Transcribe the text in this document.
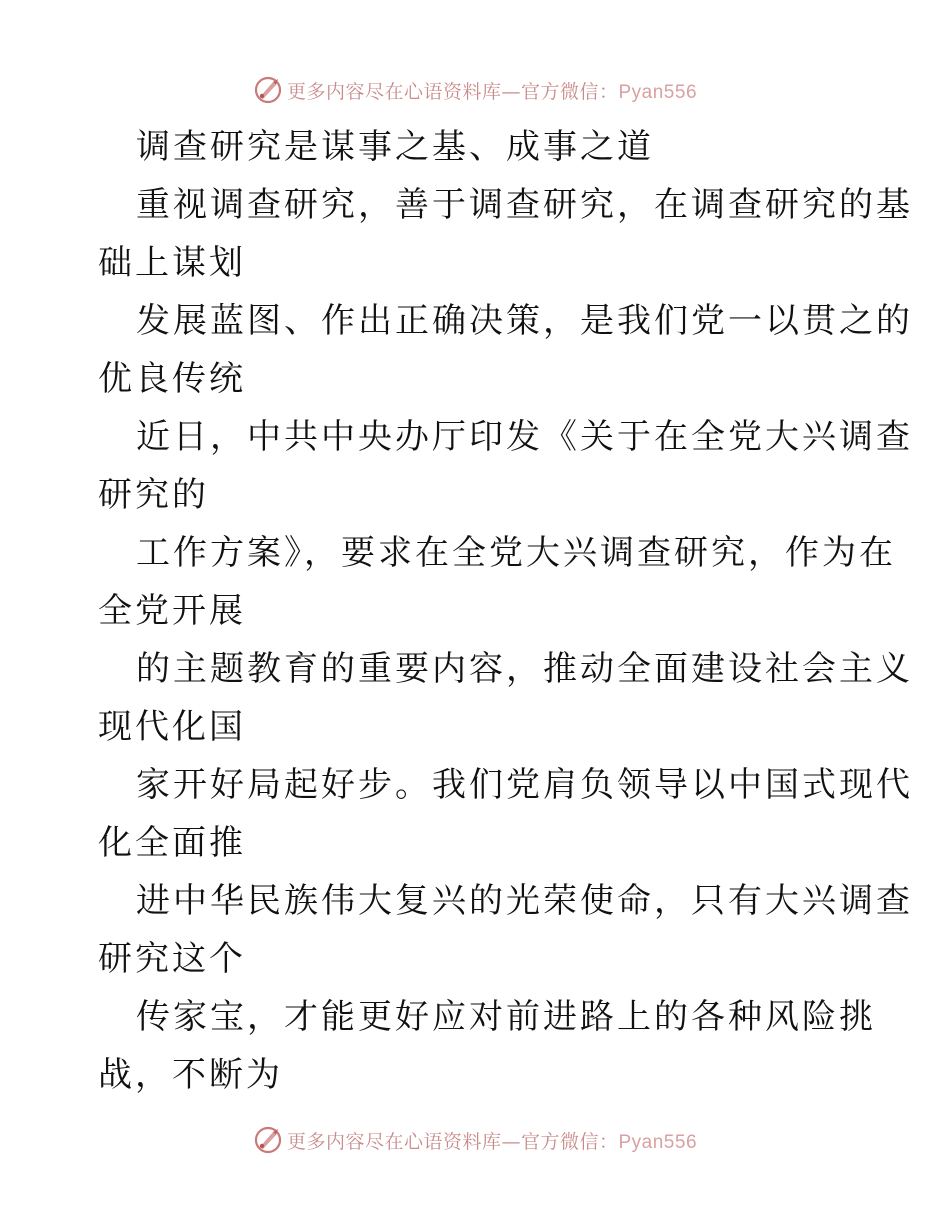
更多内容尽在心语资料库—官方微信：Pyan556
调查研究是谋事之基、成事之道
重视调查研究，善于调查研究，在调查研究的基
础上谋划
发展蓝图、作出正确决策，是我们党一以贯之的
优良传统
近日，中共中央办厅印发《关于在全党大兴调查
研究的
工作方案》，要求在全党大兴调查研究，作为在
全党开展
的主题教育的重要内容，推动全面建设社会主义
现代化国
家开好局起好步。我们党肩负领导以中国式现代
化全面推
进中华民族伟大复兴的光荣使命，只有大兴调查
研究这个
传家宝，才能更好应对前进路上的各种风险挑
战，不断为
更多内容尽在心语资料库—官方微信：Pyan556
